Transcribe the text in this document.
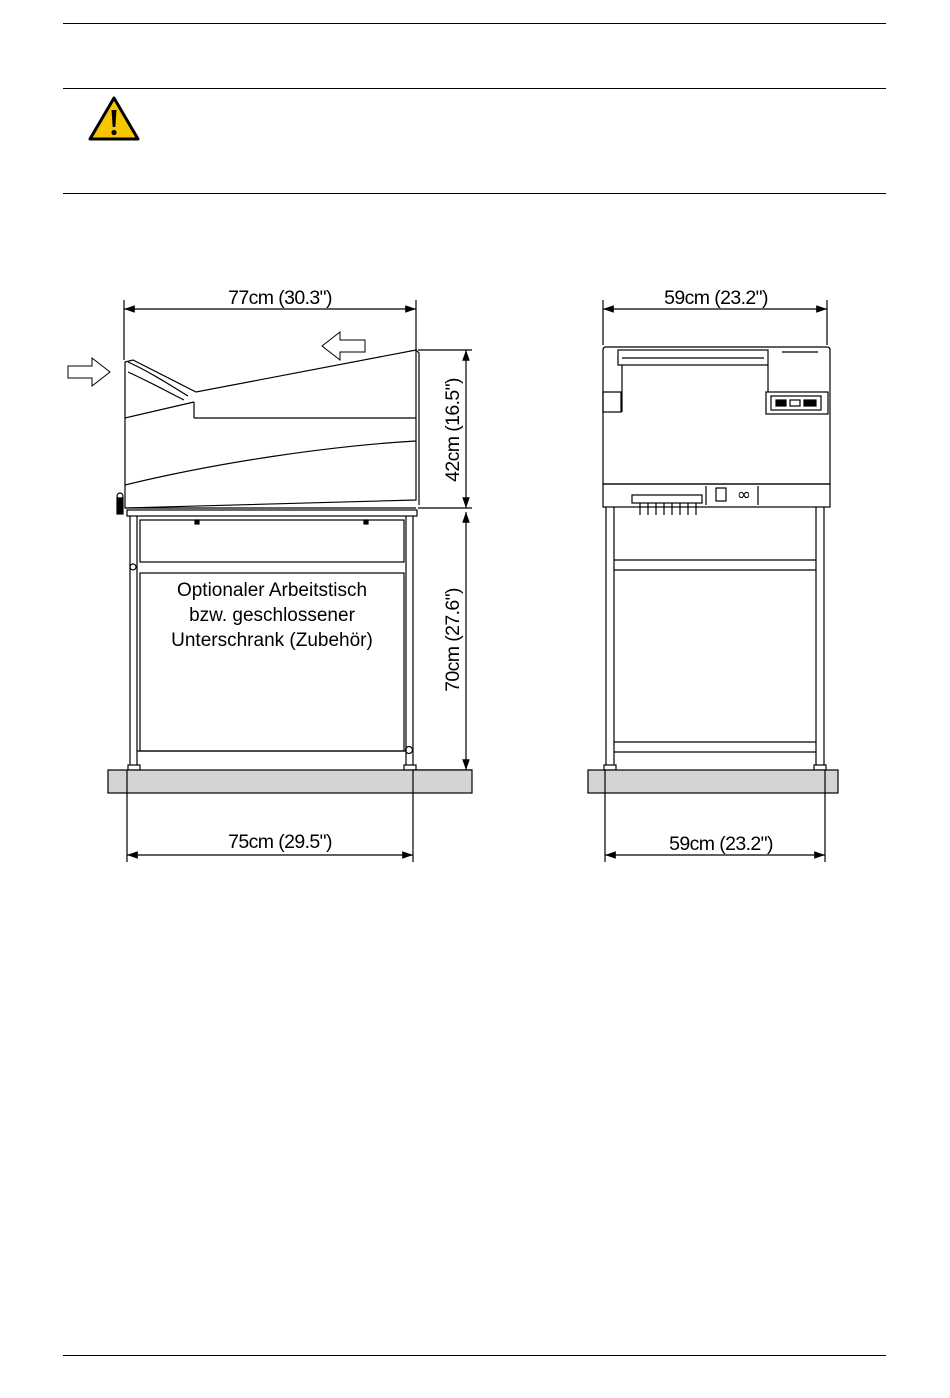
77cm (30.3")
42cm (16.5")
70cm (27.6")
75cm (29.5")
Optionaler Arbeitstisch
bzw. geschlossener
Unterschrank (Zubehör)
∞
59cm (23.2")
59cm (23.2")
